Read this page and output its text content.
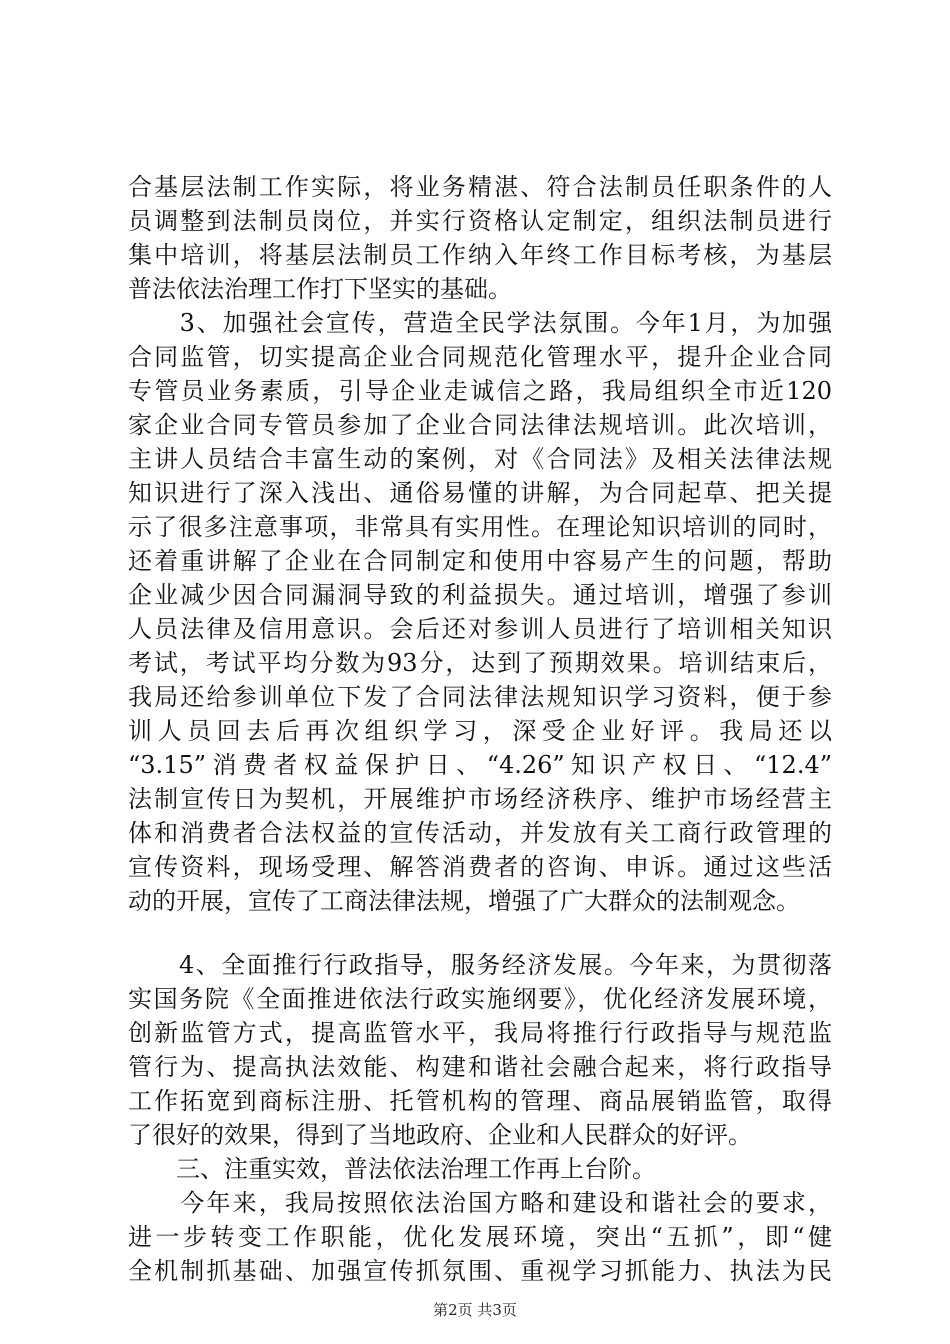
合基层法制工作实际，将业务精湛、符合法制员任职条件的人
员调整到法制员岗位，并实行资格认定制定，组织法制员进行
集中培训，将基层法制员工作纳入年终工作目标考核，为基层
普法依法治理工作打下坚实的基础。
　　3、加强社会宣传，营造全民学法氛围。今年1月，为加强
合同监管，切实提高企业合同规范化管理水平，提升企业合同
专管员业务素质，引导企业走诚信之路，我局组织全市近120
家企业合同专管员参加了企业合同法律法规培训。此次培训，
主讲人员结合丰富生动的案例，对《合同法》及相关法律法规
知识进行了深入浅出、通俗易懂的讲解，为合同起草、把关提
示了很多注意事项，非常具有实用性。在理论知识培训的同时，
还着重讲解了企业在合同制定和使用中容易产生的问题，帮助
企业减少因合同漏洞导致的利益损失。通过培训，增强了参训
人员法律及信用意识。会后还对参训人员进行了培训相关知识
考试，考试平均分数为93分，达到了预期效果。培训结束后，
我局还给参训单位下发了合同法律法规知识学习资料，便于参
训人员回去后再次组织学习，深受企业好评。我局还以
“3.15”消费者权益保护日、“4.26”知识产权日、“12.4”
法制宣传日为契机，开展维护市场经济秩序、维护市场经营主
体和消费者合法权益的宣传活动，并发放有关工商行政管理的
宣传资料，现场受理、解答消费者的咨询、申诉。通过这些活
动的开展，宣传了工商法律法规，增强了广大群众的法制观念。
　　4、全面推行行政指导，服务经济发展。今年来，为贯彻落
实国务院《全面推进依法行政实施纲要》，优化经济发展环境，
创新监管方式，提高监管水平，我局将推行行政指导与规范监
管行为、提高执法效能、构建和谐社会融合起来，将行政指导
工作拓宽到商标注册、托管机构的管理、商品展销监管，取得
了很好的效果，得到了当地政府、企业和人民群众的好评。
　　三、注重实效，普法依法治理工作再上台阶。
　　今年来，我局按照依法治国方略和建设和谐社会的要求，
进一步转变工作职能，优化发展环境，突出“五抓”，即“健
全机制抓基础、加强宣传抓氛围、重视学习抓能力、执法为民
第2页 共3页
